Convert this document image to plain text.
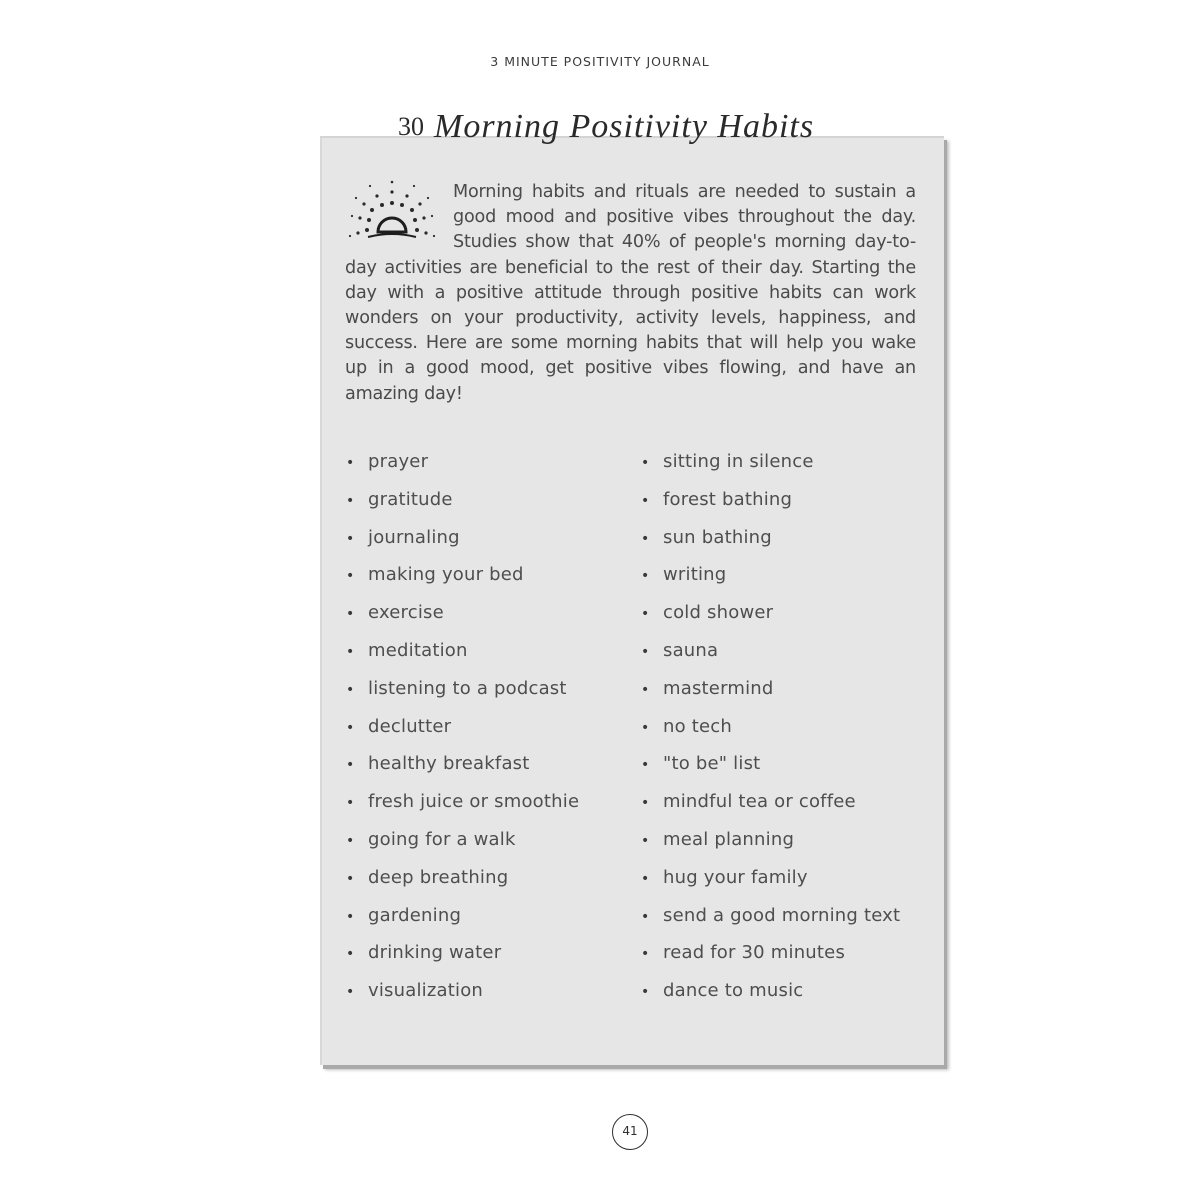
3 MINUTE POSITIVITY JOURNAL
30 Morning Positivity Habits
Morning habits and rituals are needed to sustain a good mood and positive vibes throughout the day. Studies show that 40% of people's morning day-to-day activities are beneficial to the rest of their day. Starting the day with a positive attitude through positive habits can work wonders on your productivity, activity levels, happiness, and success. Here are some morning habits that will help you wake up in a good mood, get positive vibes flowing, and have an amazing day!
• prayer
• gratitude
• journaling
• making your bed
• exercise
• meditation
• listening to a podcast
• declutter
• healthy breakfast
• fresh juice or smoothie
• going for a walk
• deep breathing
• gardening
• drinking water
• visualization
• sitting in silence
• forest bathing
• sun bathing
• writing
• cold shower
• sauna
• mastermind
• no tech
• "to be" list
• mindful tea or coffee
• meal planning
• hug your family
• send a good morning text
• read for 30 minutes
• dance to music
41
